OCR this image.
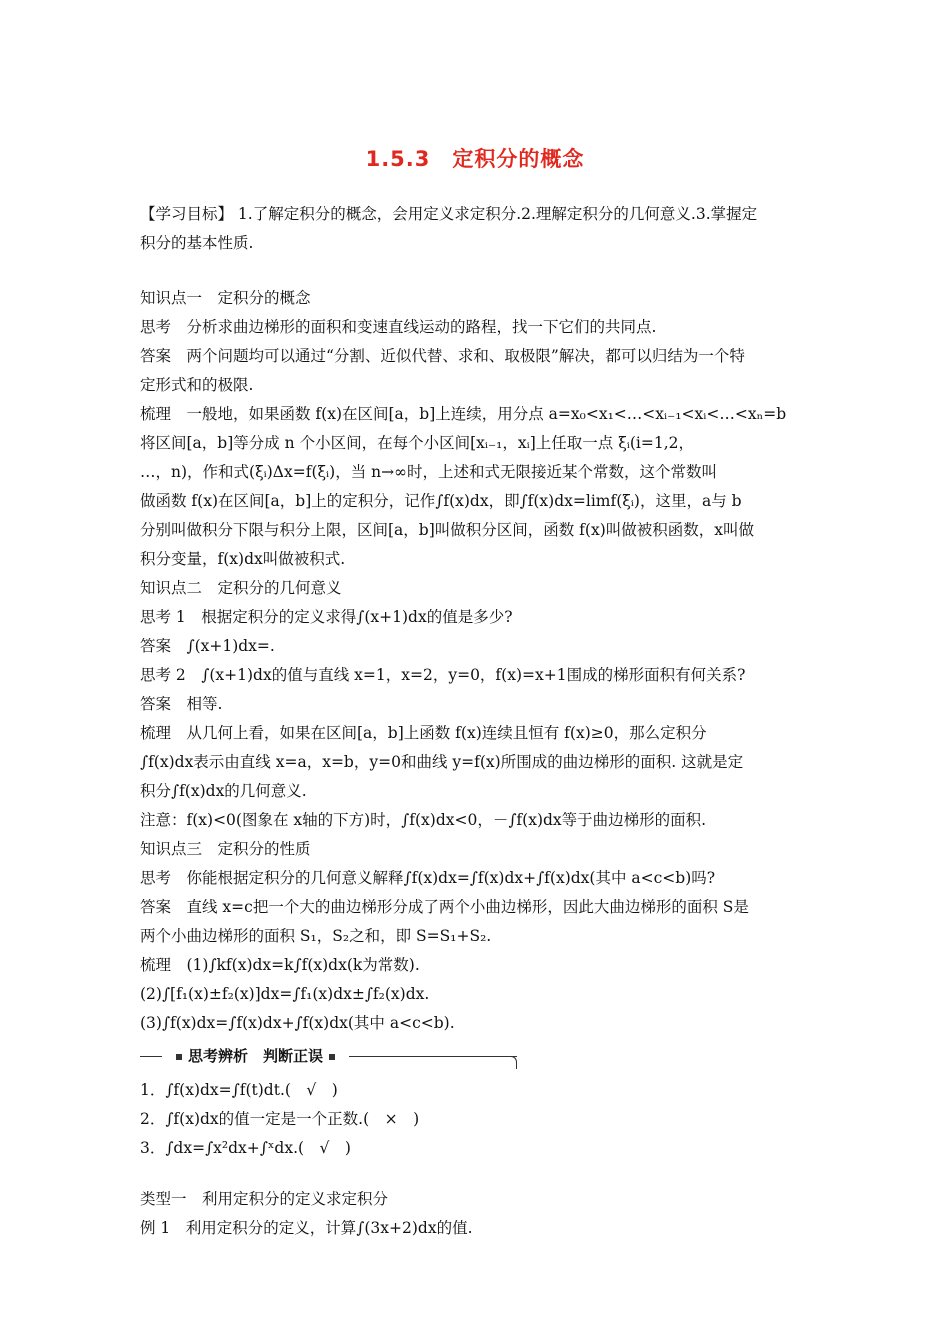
1.5.3　定积分的概念
【学习目标】 1.了解定积分的概念，会用定义求定积分.2.理解定积分的几何意义.3.掌握定
积分的基本性质.
知识点一　定积分的概念
思考　分析求曲边梯形的面积和变速直线运动的路程，找一下它们的共同点.
答案　两个问题均可以通过“分割、近似代替、求和、取极限”解决，都可以归结为一个特
定形式和的极限.
梳理　一般地，如果函数 f(x)在区间[a，b]上连续，用分点 a=x₀<x₁<…<xᵢ₋₁<xᵢ<…<xₙ=b
将区间[a，b]等分成 n 个小区间，在每个小区间[xᵢ₋₁，xᵢ]上任取一点 ξᵢ(i=1,2，
…，n)，作和式(ξᵢ)Δx=f(ξᵢ)，当 n→∞时，上述和式无限接近某个常数，这个常数叫
做函数 f(x)在区间[a，b]上的定积分，记作∫f(x)dx，即∫f(x)dx=limf(ξᵢ)，这里，a与 b
分别叫做积分下限与积分上限，区间[a，b]叫做积分区间，函数 f(x)叫做被积函数，x叫做
积分变量，f(x)dx叫做被积式.
知识点二　定积分的几何意义
思考 1　根据定积分的定义求得∫(x+1)dx的值是多少?
答案　∫(x+1)dx=.
思考 2　∫(x+1)dx的值与直线 x=1，x=2，y=0，f(x)=x+1围成的梯形面积有何关系?
答案　相等.
梳理　从几何上看，如果在区间[a，b]上函数 f(x)连续且恒有 f(x)≥0，那么定积分
∫f(x)dx表示由直线 x=a，x=b，y=0和曲线 y=f(x)所围成的曲边梯形的面积. 这就是定
积分∫f(x)dx的几何意义.
注意：f(x)<0(图象在 x轴的下方)时，∫f(x)dx<0，－∫f(x)dx等于曲边梯形的面积.
知识点三　定积分的性质
思考　你能根据定积分的几何意义解释∫f(x)dx=∫f(x)dx+∫f(x)dx(其中 a<c<b)吗?
答案　直线 x=c把一个大的曲边梯形分成了两个小曲边梯形，因此大曲边梯形的面积 S是
两个小曲边梯形的面积 S₁，S₂之和，即 S=S₁+S₂.
梳理　(1)∫kf(x)dx=k∫f(x)dx(k为常数).
(2)∫[f₁(x)±f₂(x)]dx=∫f₁(x)dx±∫f₂(x)dx.
(3)∫f(x)dx=∫f(x)dx+∫f(x)dx(其中 a<c<b).
思考辨析　判断正误
1．∫f(x)dx=∫f(t)dt.(　√　)
2．∫f(x)dx的值一定是一个正数.(　×　)
3．∫dx=∫x²dx+∫ˣdx.(　√　)
类型一　利用定积分的定义求定积分
例 1　利用定积分的定义，计算∫(3x+2)dx的值.
